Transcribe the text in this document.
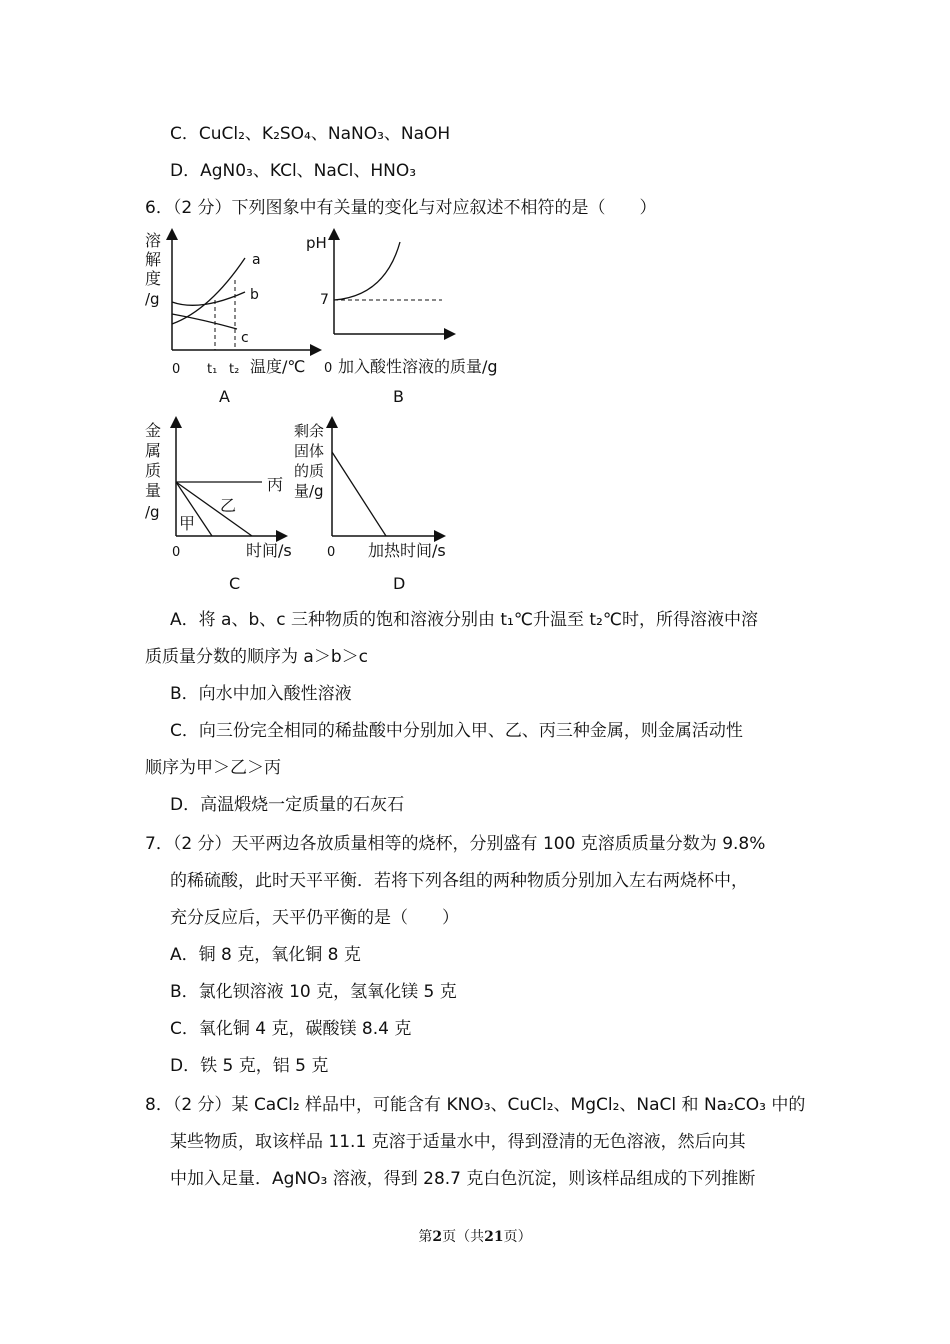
C．CuCl₂、K₂SO₄、NaNO₃、NaOH
D．AgN0₃、KCl、NaCl、HNO₃
6．（2 分）下列图象中有关量的变化与对应叙述不相符的是（　　）
溶
解
度
/g
a
b
c
0 t₁ t₂ 温度/℃
A
pH
7
0 加入酸性溶液的质量/g
B
金
属
质
量
/g
丙
乙
甲
0	时间/s
C
剩余
固体
的质
量/g
0 加热时间/s
D
A．将 a、b、c 三种物质的饱和溶液分别由 t₁℃升温至 t₂℃时，所得溶液中溶
质质量分数的顺序为 a＞b＞c
B．向水中加入酸性溶液
C．向三份完全相同的稀盐酸中分别加入甲、乙、丙三种金属，则金属活动性
顺序为甲＞乙＞丙
D．高温煅烧一定质量的石灰石
7．（2 分）天平两边各放质量相等的烧杯，分别盛有 100 克溶质质量分数为 9.8%
的稀硫酸，此时天平平衡．若将下列各组的两种物质分别加入左右两烧杯中，
充分反应后，天平仍平衡的是（　　）
A．铜 8 克，氧化铜 8 克
B．氯化钡溶液 10 克，氢氧化镁 5 克
C．氧化铜 4 克，碳酸镁 8.4 克
D．铁 5 克，铝 5 克
8．（2 分）某 CaCl₂ 样品中，可能含有 KNO₃、CuCl₂、MgCl₂、NaCl 和 Na₂CO₃ 中的
某些物质，取该样品 11.1 克溶于适量水中，得到澄清的无色溶液，然后向其
中加入足量．AgNO₃ 溶液，得到 28.7 克白色沉淀，则该样品组成的下列推断
第2页（共21页）
